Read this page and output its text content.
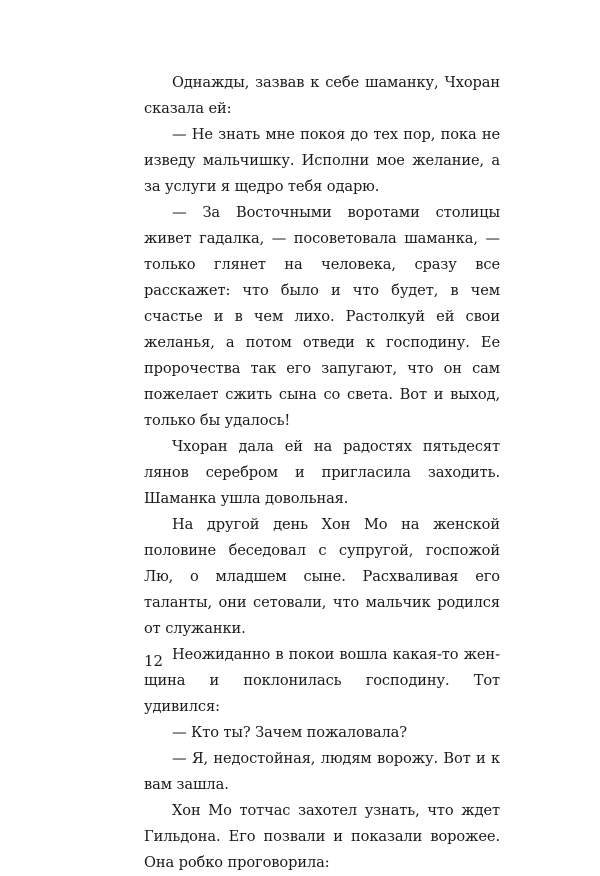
Однажды, зазвав к себе шаманку, Чхоран сказала ей:

— Не знать мне покоя до тех пор, пока не изведу мальчишку. Исполни мое желание, а за услуги я щедро тебя одарю.

— За Восточными воротами столицы живет гадалка, — посоветовала шаманка, — только глянет на человека, сразу все расскажет: что было и что будет, в чем счастье и в чем лихо. Растолкуй ей свои желанья, а потом отведи к господину. Ее пророчества так его запугают, что он сам пожелает сжить сына со света. Вот и выход, только бы удалось!

Чхоран дала ей на радостях пятьдесят лянов серебром и пригласила заходить. Шаманка ушла довольная.

На другой день Хон Мо на женской половине беседовал с супругой, госпожой Лю, о младшем сыне. Расхваливая его таланты, они сетовали, что мальчик родился от служанки.

Неожиданно в покои вошла какая-то женщина и поклонилась господину. Тот удивился:

— Кто ты? Зачем пожаловала?

— Я, недостойная, людям ворожу. Вот и к вам зашла.

Хон Мо тотчас захотел узнать, что ждет Гильдона. Его позвали и показали ворожее. Она робко проговорила:

12
